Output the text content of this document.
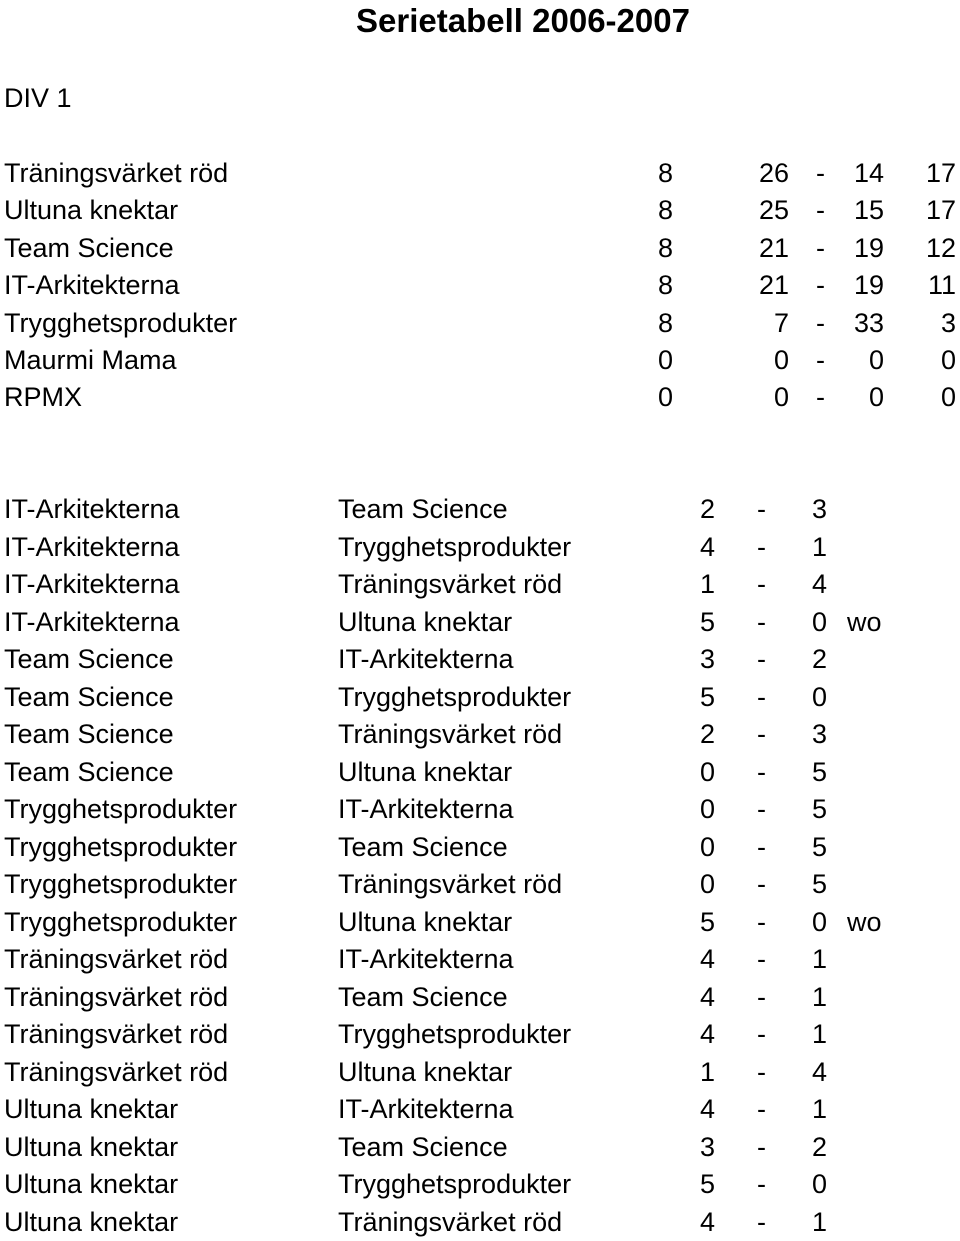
Serietabell 2006-2007
DIV 1
Träningsvärket röd	8	26 - 14 17
Ultuna knektar	8	25 - 15 17
Team Science	8	21 - 19 12
IT-Arkitekterna	8	21 - 19 11
Trygghetsprodukter	8	7 - 33 3
Maurmi Mama	0	0 - 0 0
RPMX	0	0 - 0 0
IT-Arkitekterna	Team Science	2 - 3
IT-Arkitekterna	Trygghetsprodukter	4 - 1
IT-Arkitekterna	Träningsvärket röd	1 - 4
IT-Arkitekterna	Ultuna knektar	5 - 0 wo
Team Science	IT-Arkitekterna	3 - 2
Team Science	Trygghetsprodukter	5 - 0
Team Science	Träningsvärket röd	2 - 3
Team Science	Ultuna knektar	0 - 5
Trygghetsprodukter	IT-Arkitekterna	0 - 5
Trygghetsprodukter	Team Science	0 - 5
Trygghetsprodukter	Träningsvärket röd	0 - 5
Trygghetsprodukter	Ultuna knektar	5 - 0 wo
Träningsvärket röd	IT-Arkitekterna	4 - 1
Träningsvärket röd	Team Science	4 - 1
Träningsvärket röd	Trygghetsprodukter	4 - 1
Träningsvärket röd	Ultuna knektar	1 - 4
Ultuna knektar	IT-Arkitekterna	4 - 1
Ultuna knektar	Team Science	3 - 2
Ultuna knektar	Trygghetsprodukter	5 - 0
Ultuna knektar	Träningsvärket röd	4 - 1
